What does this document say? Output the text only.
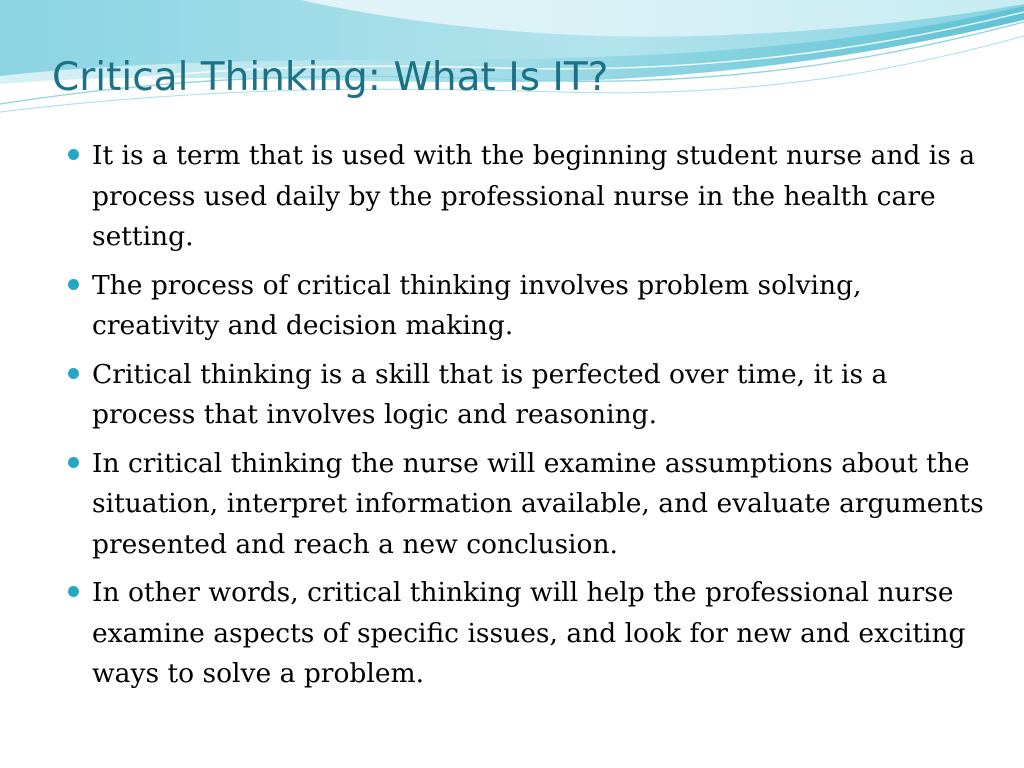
Critical Thinking: What Is IT?
It is a term that is used with the beginning student nurse and is a process used daily by the professional nurse in the health care setting.
The process of critical thinking involves problem solving, creativity and decision making.
Critical thinking is a skill that is perfected over time, it is a process that involves logic and reasoning.
In critical thinking the nurse will examine assumptions about the situation, interpret information available, and evaluate arguments presented and reach a new conclusion.
In other words, critical thinking will help the professional nurse examine aspects of specific issues, and look for new and exciting ways to solve a problem.
